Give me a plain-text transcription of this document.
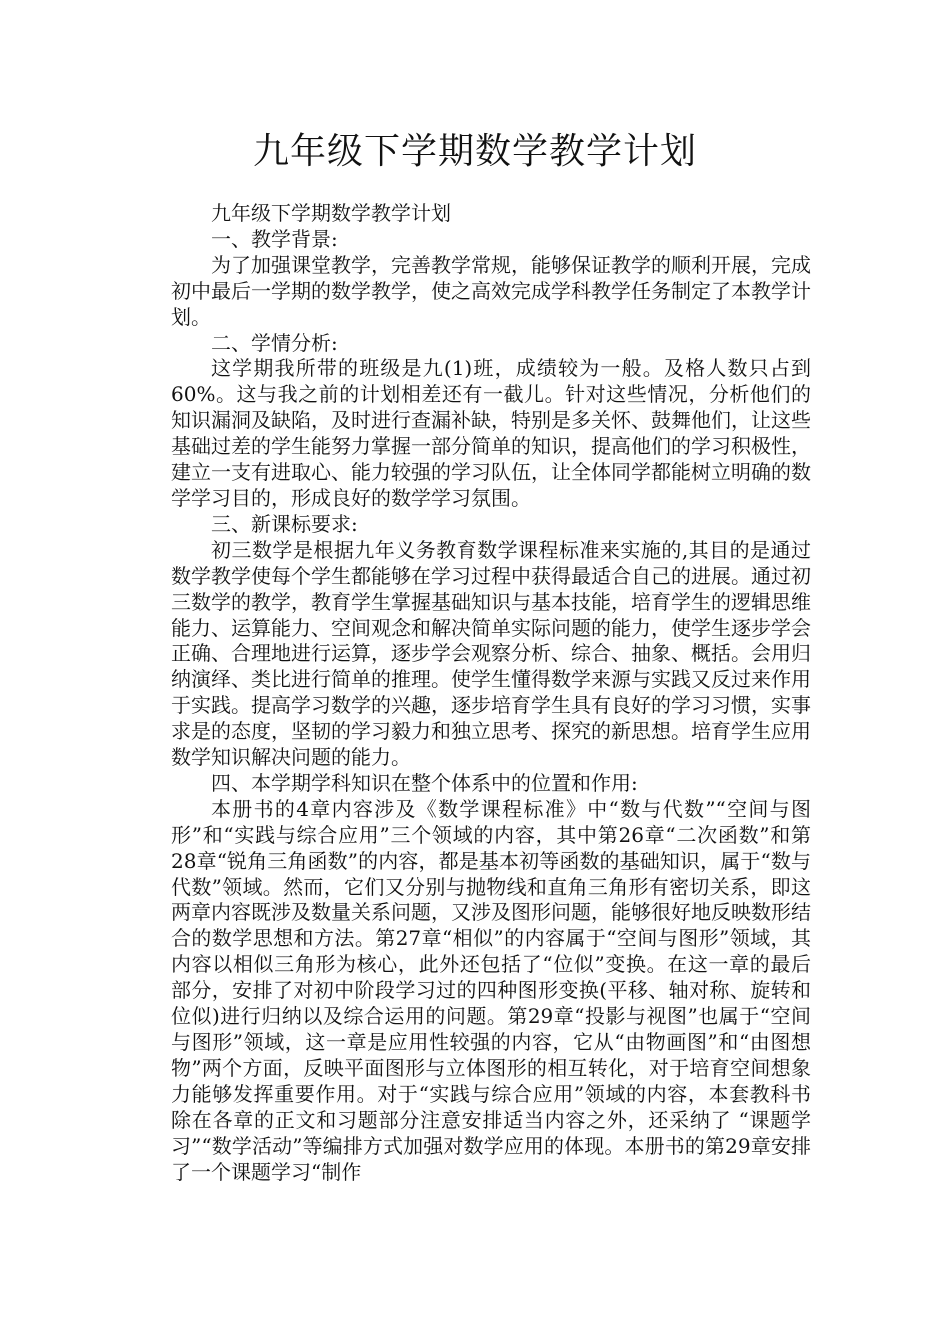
九年级下学期数学教学计划

九年级下学期数学教学计划

一、教学背景:

为了加强课堂教学，完善教学常规，能够保证教学的顺利开展，完成初中最后一学期的数学教学，使之高效完成学科教学任务制定了本教学计划。

二、学情分析:

这学期我所带的班级是九(1)班，成绩较为一般。及格人数只占到60%。这与我之前的计划相差还有一截儿。针对这些情况，分析他们的知识漏洞及缺陷，及时进行查漏补缺，特别是多关怀、鼓舞他们，让这些基础过差的学生能努力掌握一部分简单的知识，提高他们的学习积极性，建立一支有进取心、能力较强的学习队伍，让全体同学都能树立明确的数学学习目的，形成良好的数学学习氛围。

三、新课标要求:

初三数学是根据九年义务教育数学课程标准来实施的,其目的是通过数学教学使每个学生都能够在学习过程中获得最适合自己的进展。通过初三数学的教学，教育学生掌握基础知识与基本技能，培育学生的逻辑思维能力、运算能力、空间观念和解决简单实际问题的能力，使学生逐步学会正确、合理地进行运算，逐步学会观察分析、综合、抽象、概括。会用归纳演绎、类比进行简单的推理。使学生懂得数学来源与实践又反过来作用于实践。提高学习数学的兴趣，逐步培育学生具有良好的学习习惯，实事求是的态度，坚韧的学习毅力和独立思考、探究的新思想。培育学生应用数学知识解决问题的能力。

四、本学期学科知识在整个体系中的位置和作用:

本册书的4章内容涉及《数学课程标准》中“数与代数”“空间与图形”和“实践与综合应用”三个领域的内容，其中第26章“二次函数”和第28章“锐角三角函数”的内容，都是基本初等函数的基础知识，属于“数与代数”领域。然而，它们又分别与抛物线和直角三角形有密切关系，即这两章内容既涉及数量关系问题，又涉及图形问题，能够很好地反映数形结合的数学思想和方法。第27章“相似”的内容属于“空间与图形”领域，其内容以相似三角形为核心，此外还包括了“位似”变换。在这一章的最后部分，安排了对初中阶段学习过的四种图形变换(平移、轴对称、旋转和位似)进行归纳以及综合运用的问题。第29章“投影与视图”也属于“空间与图形”领域，这一章是应用性较强的内容，它从“由物画图”和“由图想物”两个方面，反映平面图形与立体图形的相互转化，对于培育空间想象力能够发挥重要作用。对于“实践与综合应用”领域的内容，本套教科书除在各章的正文和习题部分注意安排适当内容之外，还采纳了 “课题学习”“数学活动”等编排方式加强对数学应用的体现。本册书的第29章安排了一个课题学习“制作
